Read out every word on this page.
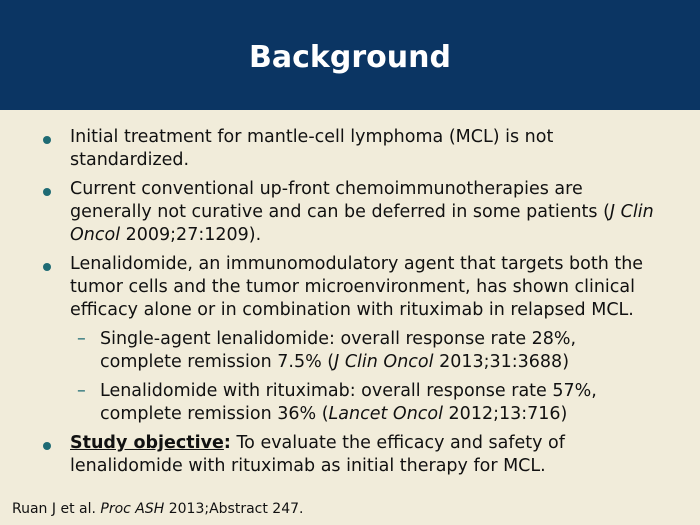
Background
Initial treatment for mantle-cell lymphoma (MCL) is not standardized.
Current conventional up-front chemoimmunotherapies are generally not curative and can be deferred in some patients (J Clin Oncol 2009;27:1209).
Lenalidomide, an immunomodulatory agent that targets both the tumor cells and the tumor microenvironment, has shown clinical efficacy alone or in combination with rituximab in relapsed MCL.
– Single-agent lenalidomide: overall response rate 28%, complete remission 7.5% (J Clin Oncol 2013;31:3688)
– Lenalidomide with rituximab: overall response rate 57%, complete remission 36% (Lancet Oncol 2012;13:716)
Study objective: To evaluate the efficacy and safety of lenalidomide with rituximab as initial therapy for MCL.
Ruan J et al. Proc ASH 2013;Abstract 247.
